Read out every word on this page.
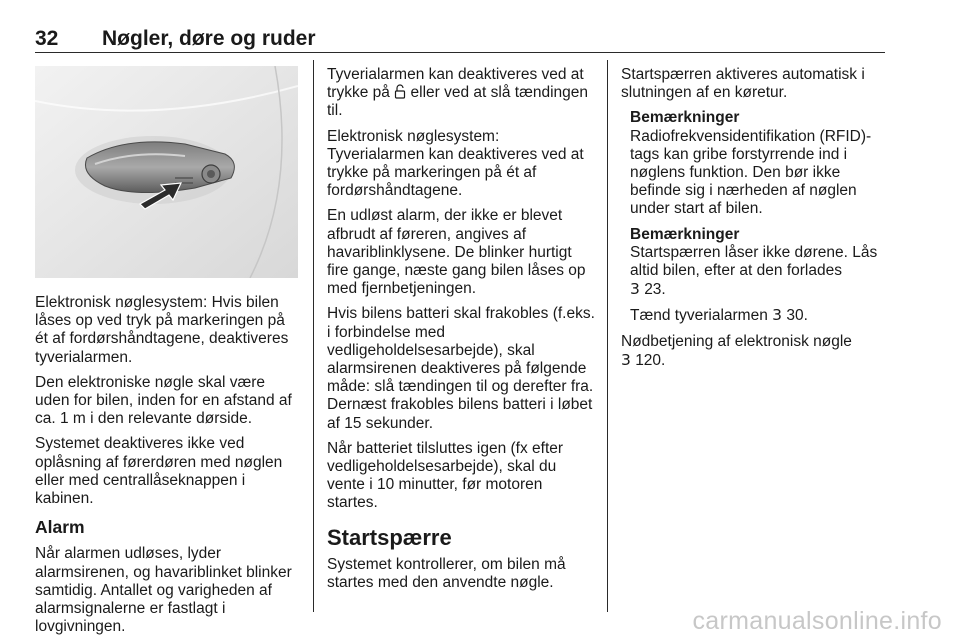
32 Nøgler, døre og ruder

Elektronisk nøglesystem: Hvis bilen låses op ved tryk på markeringen på ét af fordørshåndtagene, deaktiveres tyverialarmen.

Den elektroniske nøgle skal være uden for bilen, inden for en afstand af ca. 1 m i den relevante dørside.

Systemet deaktiveres ikke ved oplåsning af førerdøren med nøglen eller med centrallåseknappen i kabinen.

Alarm

Når alarmen udløses, lyder alarmsirenen, og havariblinket blinker samtidig. Antallet og varigheden af alarmsignalerne er fastlagt i lovgivningen.

Tyverialarmen kan deaktiveres ved at trykke på  eller ved at slå tændingen til.

Elektronisk nøglesystem: Tyverialarmen kan deaktiveres ved at trykke på markeringen på ét af fordørshåndtagene.

En udløst alarm, der ikke er blevet afbrudt af føreren, angives af havariblinklysene. De blinker hurtigt fire gange, næste gang bilen låses op med fjernbetjeningen.

Hvis bilens batteri skal frakobles (f.eks. i forbindelse med vedligeholdelsesarbejde), skal alarmsirenen deaktiveres på følgende måde: slå tændingen til og derefter fra. Dernæst frakobles bilens batteri i løbet af 15 sekunder.

Når batteriet tilsluttes igen (fx efter vedligeholdelsesarbejde), skal du vente i 10 minutter, før motoren startes.

Startspærre

Systemet kontrollerer, om bilen må startes med den anvendte nøgle.

Startspærren aktiveres automatisk i slutningen af en køretur.

Bemærkninger

Radiofrekvensidentifikation (RFID)-tags kan gribe forstyrrende ind i nøglens funktion. Den bør ikke befinde sig i nærheden af nøglen under start af bilen.

Bemærkninger

Startspærren låser ikke dørene. Lås altid bilen, efter at den forlades
3 23.

Tænd tyverialarmen 3 30.

Nødbetjening af elektronisk nøgle
3 120.

carmanualsonline.info
